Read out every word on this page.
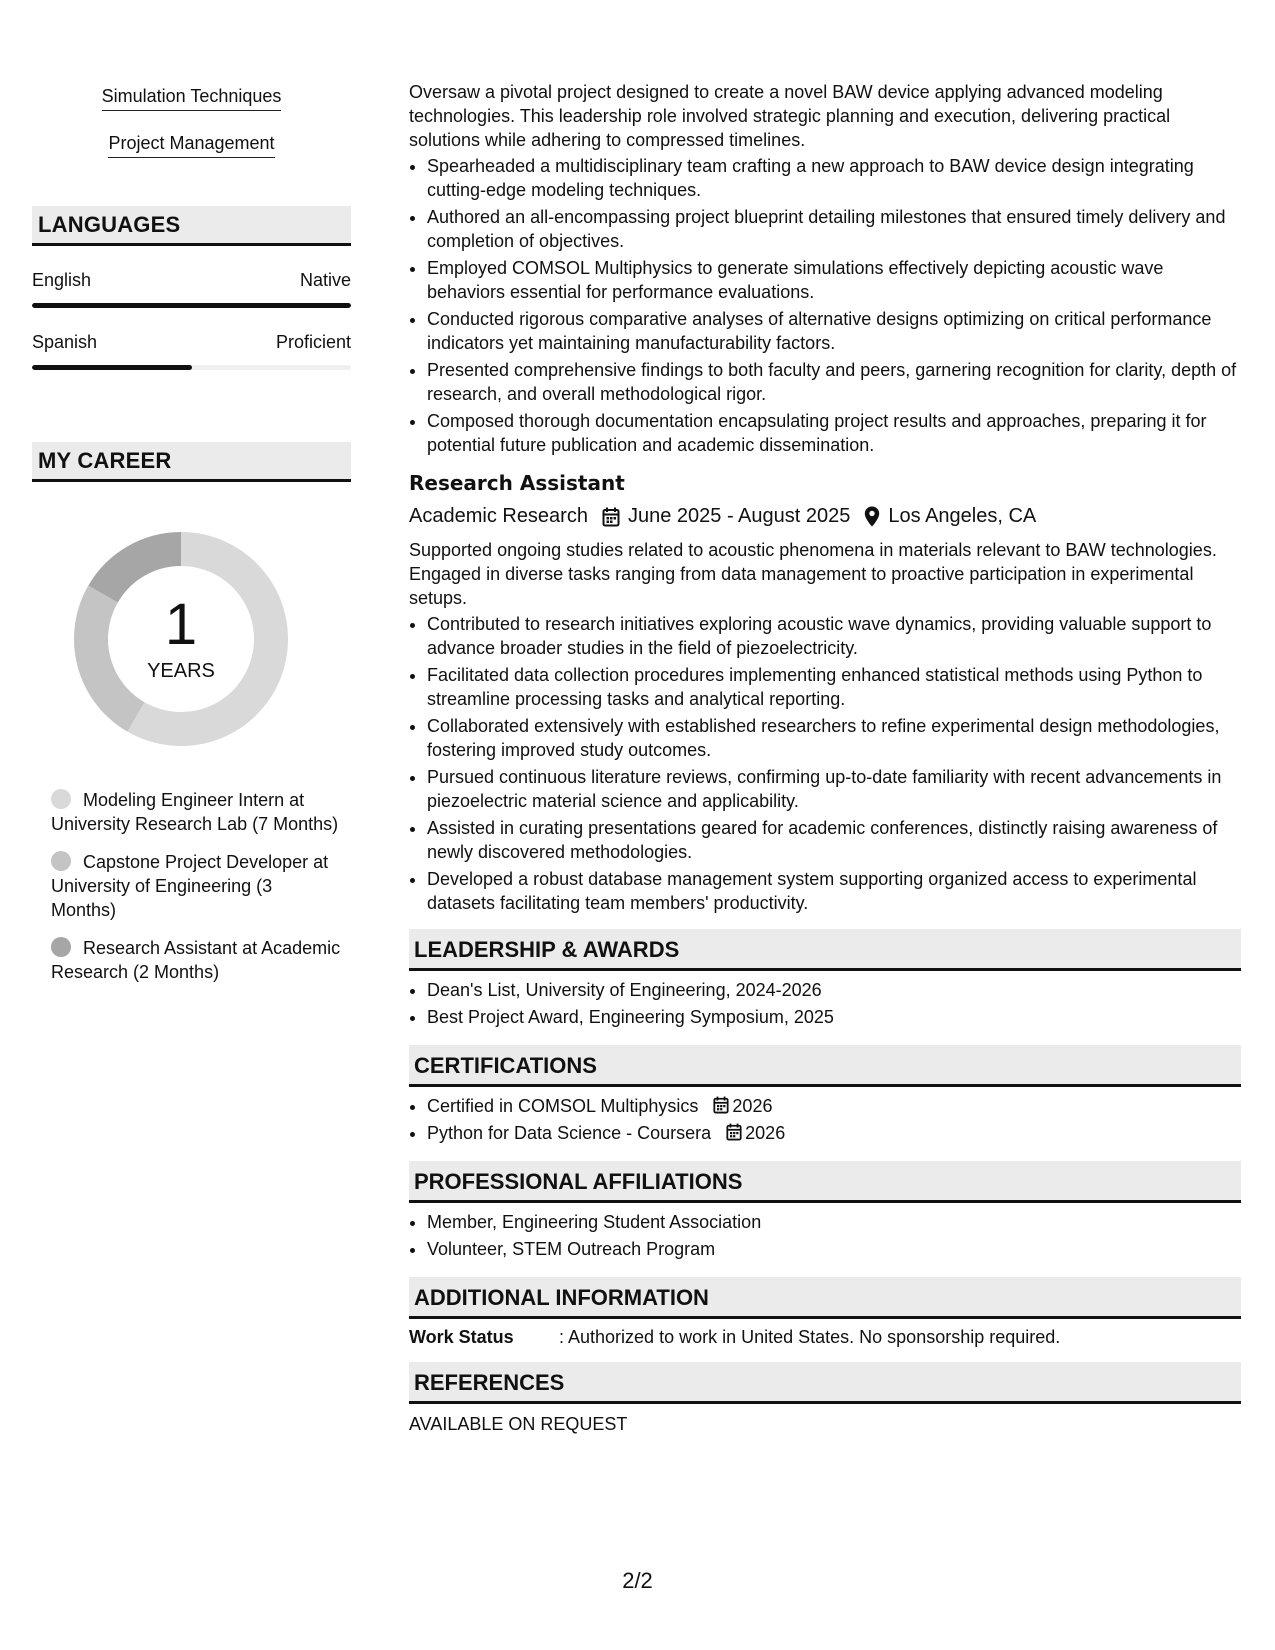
Simulation Techniques
Project Management
LANGUAGES
English	Native
Spanish	Proficient
MY CAREER
1
YEARS
Modeling Engineer Intern at University Research Lab (7 Months)
Capstone Project Developer at University of Engineering (3 Months)
Research Assistant at Academic Research (2 Months)

Oversaw a pivotal project designed to create a novel BAW device applying advanced modeling technologies. This leadership role involved strategic planning and execution, delivering practical solutions while adhering to compressed timelines.

• Spearheaded a multidisciplinary team crafting a new approach to BAW device design integrating cutting-edge modeling techniques.
• Authored an all-encompassing project blueprint detailing milestones that ensured timely delivery and completion of objectives.
• Employed COMSOL Multiphysics to generate simulations effectively depicting acoustic wave behaviors essential for performance evaluations.
• Conducted rigorous comparative analyses of alternative designs optimizing on critical performance indicators yet maintaining manufacturability factors.
• Presented comprehensive findings to both faculty and peers, garnering recognition for clarity, depth of research, and overall methodological rigor.
• Composed thorough documentation encapsulating project results and approaches, preparing it for potential future publication and academic dissemination.
Research Assistant
Academic Research June 2025 - August 2025 Los Angeles, CA

Supported ongoing studies related to acoustic phenomena in materials relevant to BAW technologies. Engaged in diverse tasks ranging from data management to proactive participation in experimental setups.

• Contributed to research initiatives exploring acoustic wave dynamics, providing valuable support to advance broader studies in the field of piezoelectricity.
• Facilitated data collection procedures implementing enhanced statistical methods using Python to streamline processing tasks and analytical reporting.
• Collaborated extensively with established researchers to refine experimental design methodologies, fostering improved study outcomes.
• Pursued continuous literature reviews, confirming up-to-date familiarity with recent advancements in piezoelectric material science and applicability.
• Assisted in curating presentations geared for academic conferences, distinctly raising awareness of newly discovered methodologies.
• Developed a robust database management system supporting organized access to experimental datasets facilitating team members' productivity.
LEADERSHIP & AWARDS
• Dean's List, University of Engineering, 2024-2026
• Best Project Award, Engineering Symposium, 2025
CERTIFICATIONS
• Certified in COMSOL Multiphysics 2026
• Python for Data Science - Coursera 2026
PROFESSIONAL AFFILIATIONS
• Member, Engineering Student Association
• Volunteer, STEM Outreach Program
ADDITIONAL INFORMATION
Work Status	: Authorized to work in United States. No sponsorship required.
REFERENCES
AVAILABLE ON REQUEST
2/2
